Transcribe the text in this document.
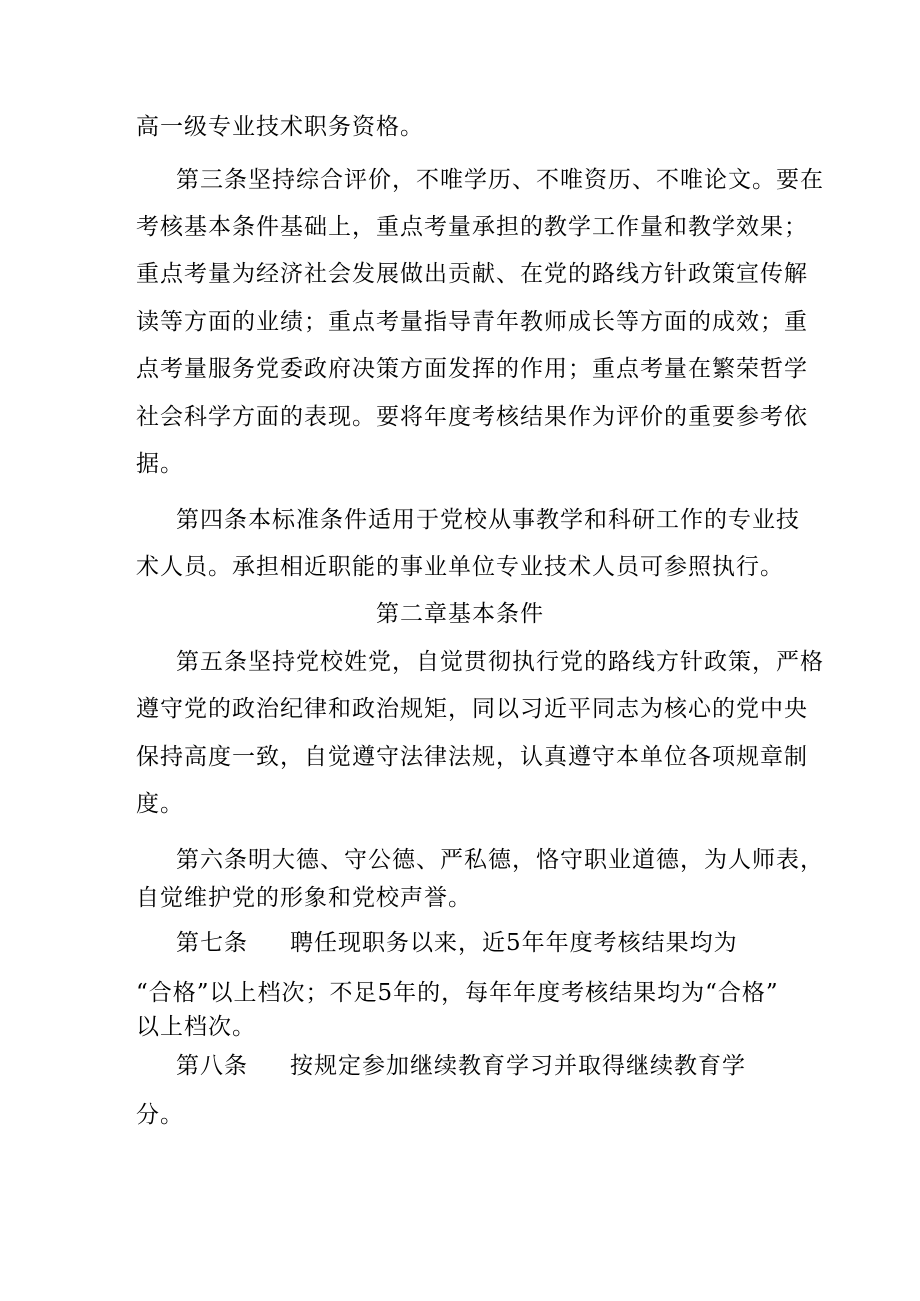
高一级专业技术职务资格。
第三条坚持综合评价，不唯学历、不唯资历、不唯论文。要在
考核基本条件基础上，重点考量承担的教学工作量和教学效果；
重点考量为经济社会发展做出贡献、在党的路线方针政策宣传解
读等方面的业绩；重点考量指导青年教师成长等方面的成效；重
点考量服务党委政府决策方面发挥的作用；重点考量在繁荣哲学
社会科学方面的表现。要将年度考核结果作为评价的重要参考依
据。
第四条本标准条件适用于党校从事教学和科研工作的专业技
术人员。承担相近职能的事业单位专业技术人员可参照执行。
第二章基本条件
第五条坚持党校姓党，自觉贯彻执行党的路线方针政策，严格
遵守党的政治纪律和政治规矩，同以习近平同志为核心的党中央
保持高度一致，自觉遵守法律法规，认真遵守本单位各项规章制
度。
第六条明大德、守公德、严私德，恪守职业道德，为人师表，
自觉维护党的形象和党校声誉。
第七条 聘任现职务以来，近5年年度考核结果均为
“合格”以上档次；不足5年的，每年年度考核结果均为“合格”
以上档次。
第八条 按规定参加继续教育学习并取得继续教育学
分。
